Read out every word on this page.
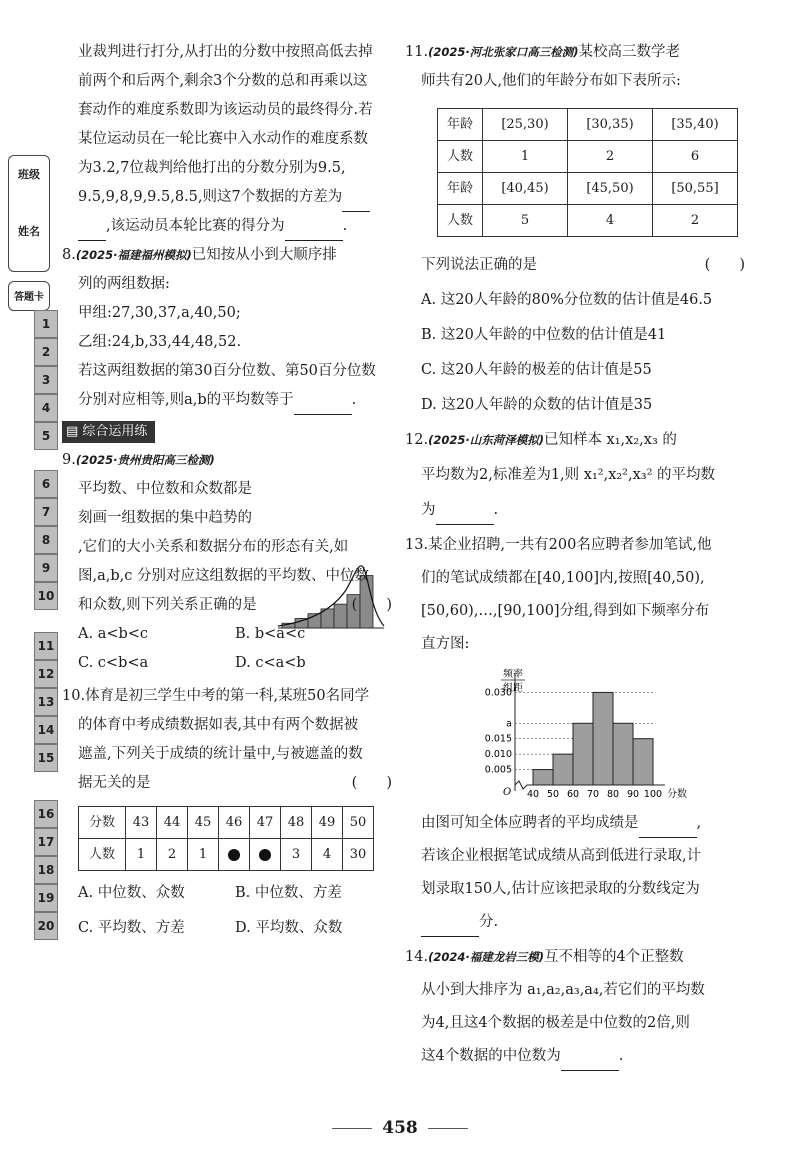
班级
姓名
答题卡
1
2
3
4
5
6
7
8
9
10
11
12
13
14
15
16
17
18
19
20
业裁判进行打分,从打出的分数中按照高低去掉
前两个和后两个,剩余3个分数的总和再乘以这
套动作的难度系数即为该运动员的最终得分.若
某位运动员在一轮比赛中入水动作的难度系数
为3.2,7位裁判给他打出的分数分别为9.5,
9.5,9,8,9,9.5,8.5,则这7个数据的方差为
,该运动员本轮比赛的得分为	.
8.(2025·福建福州模拟)已知按从小到大顺序排
列的两组数据:
甲组:27,30,37,a,40,50;
乙组:24,b,33,44,48,52.
若这两组数据的第30百分位数、第50百分位数
分别对应相等,则a,b的平均数等于	.
▤ 综合运用练
9.(2025·贵州贵阳高三检测)
平均数、中位数和众数都是
刻画一组数据的集中趋势的
,它们的大小关系和数据分布的形态有关,如
图,a,b,c 分别对应这组数据的平均数、中位数
和众数,则下列关系正确的是	(　　)
A. a<b<c	B. b<a<c
C. c<b<a	D. c<a<b
10.体育是初三学生中考的第一科,某班50名同学
的体育中考成绩数据如表,其中有两个数据被
遮盖,下列关于成绩的统计量中,与被遮盖的数
据无关的是	(　　)
分数	43	44	45	46	47	48	49	50
人数	1	2	1			3	4	30
A. 中位数、众数	B. 中位数、方差
C. 平均数、方差	D. 平均数、众数
11.(2025·河北张家口高三检测)某校高三数学老
师共有20人,他们的年龄分布如下表所示:
年龄	[25,30)	[30,35)	[35,40)
人数	1	2	6
年龄	[40,45)	[45,50)	[50,55]
人数	5	4	2
下列说法正确的是	(　　)
A. 这20人年龄的80%分位数的估计值是46.5
B. 这20人年龄的中位数的估计值是41
C. 这20人年龄的极差的估计值是55
D. 这20人年龄的众数的估计值是35
12.(2025·山东菏泽模拟)已知样本 x₁,x₂,x₃ 的
平均数为2,标准差为1,则 x₁²,x₂²,x₃² 的平均数
为	.
13.某企业招聘,一共有200名应聘者参加笔试,他
们的笔试成绩都在[40,100]内,按照[40,50),
[50,60),…,[90,100]分组,得到如下频率分布
直方图:
0.005
0.010
0.015
a
0.030
40 50 60 70 80 90 100 分数
O
频率
组距
由图可知全体应聘者的平均成绩是	,
若该企业根据笔试成绩从高到低进行录取,计
划录取150人,估计应该把录取的分数线定为
分.
14.(2024·福建龙岩三模)互不相等的4个正整数
从小到大排序为 a₁,a₂,a₃,a₄,若它们的平均数
为4,且这4个数据的极差是中位数的2倍,则
这4个数据的中位数为	.
458
